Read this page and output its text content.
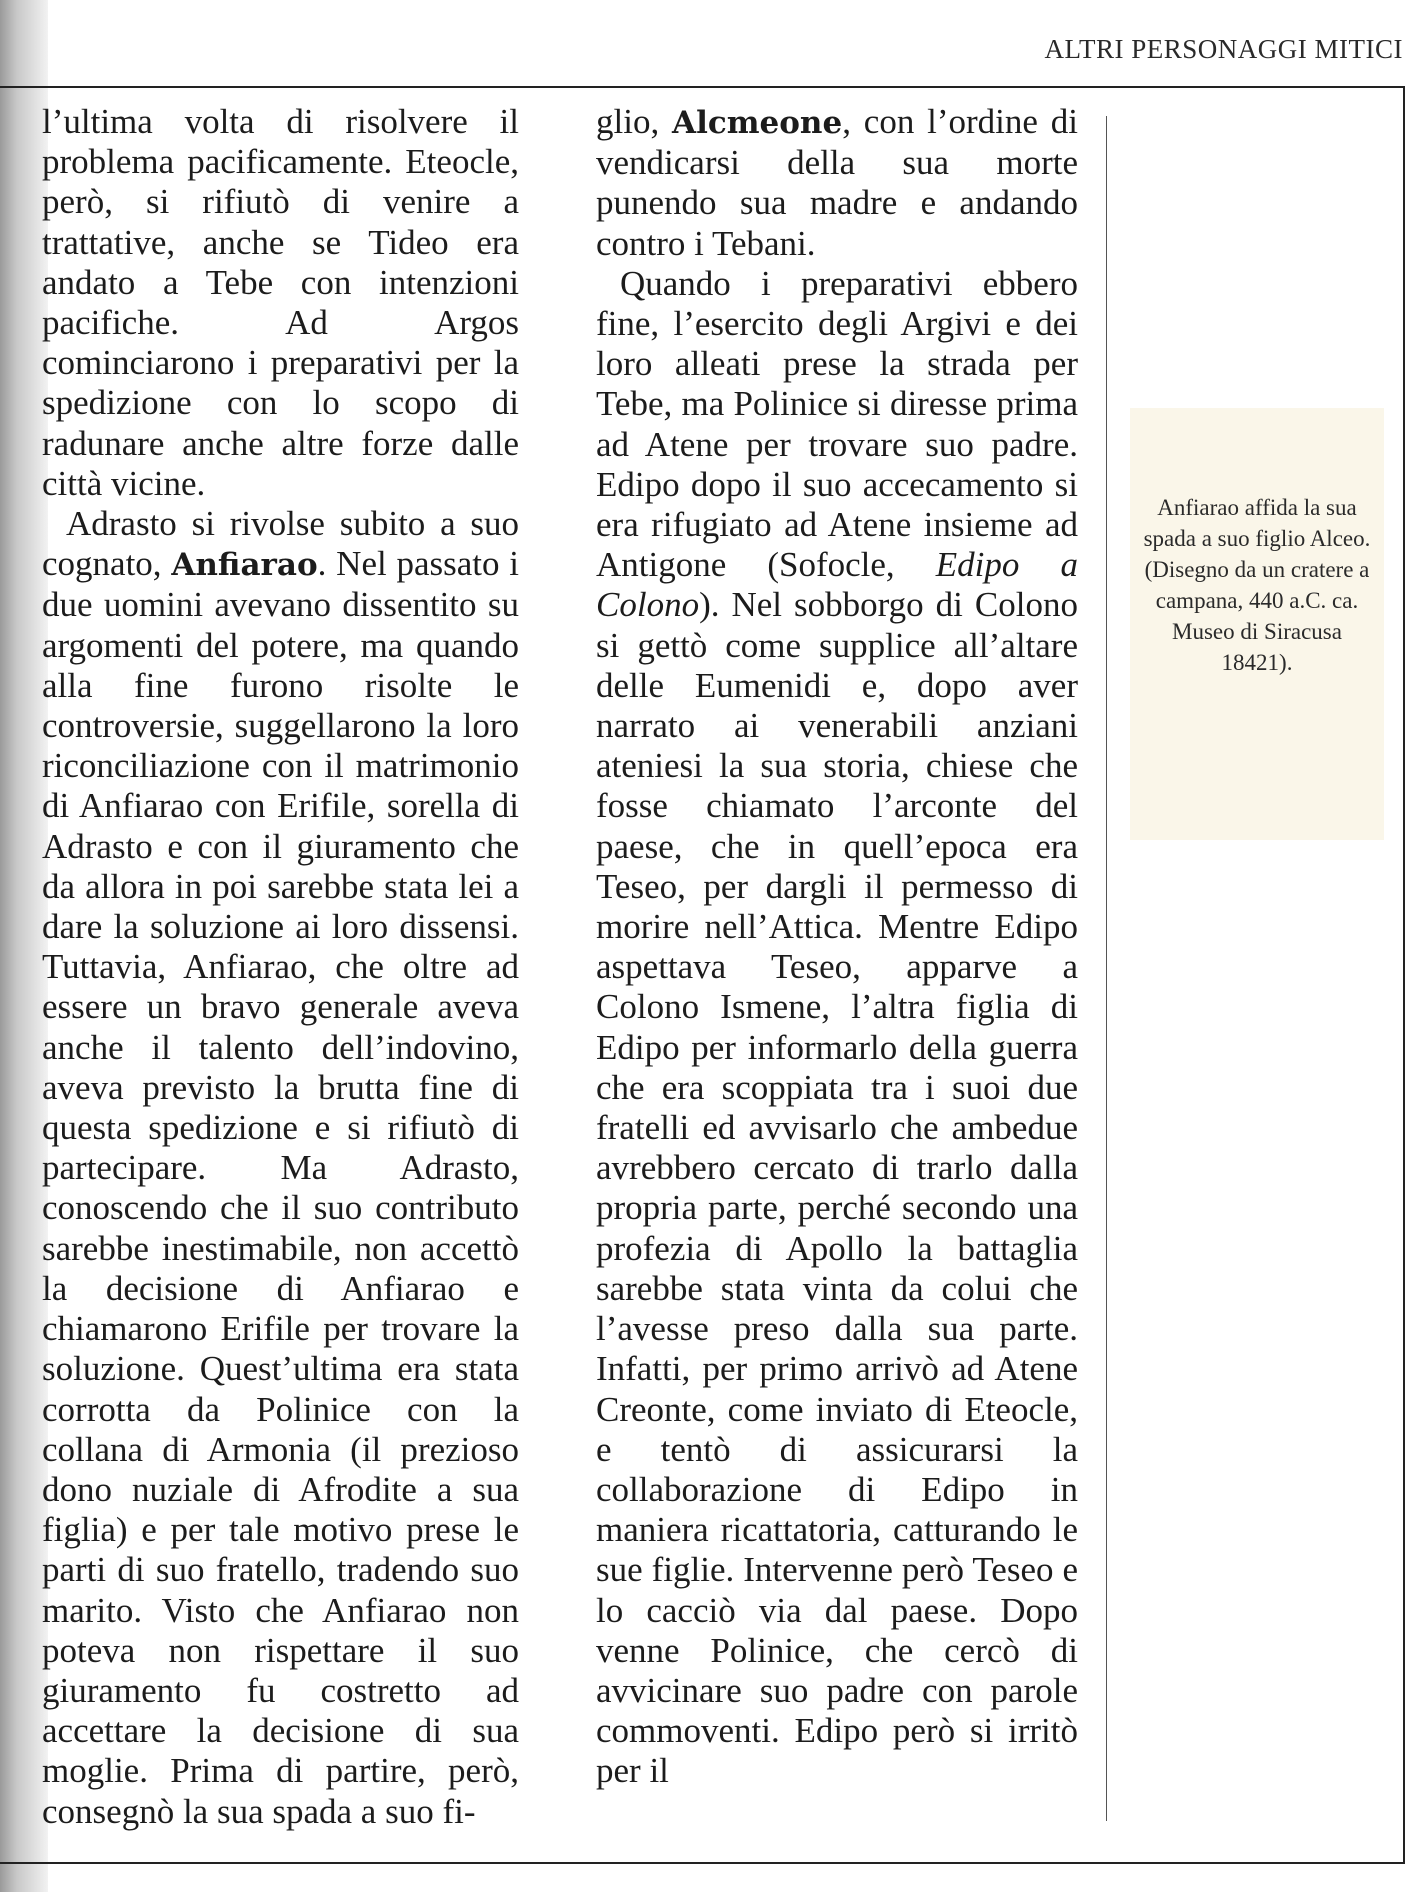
ALTRI PERSONAGGI MITICI

l’ultima volta di risolvere il problema pacificamente. Eteocle, però, si rifiutò di venire a trattative, anche se Tideo era andato a Tebe con intenzioni pacifiche. Ad Argos cominciarono i preparativi per la spedizione con lo scopo di radunare anche altre forze dalle città vicine.

Adrasto si rivolse subito a suo cognato, Anfiarao. Nel passato i due uomini avevano dissentito su argomenti del potere, ma quando alla fine furono risolte le controversie, suggellarono la loro riconciliazione con il matrimonio di Anfiarao con Erifile, sorella di Adrasto e con il giuramento che da allora in poi sarebbe stata lei a dare la soluzione ai loro dissensi. Tuttavia, Anfiarao, che oltre ad essere un bravo generale aveva anche il talento dell’indovino, aveva previsto la brutta fine di questa spedizione e si rifiutò di partecipare. Ma Adrasto, conoscendo che il suo contributo sarebbe inestimabile, non accettò la decisione di Anfiarao e chiamarono Erifile per trovare la soluzione. Quest’ultima era stata corrotta da Polinice con la collana di Armonia (il prezioso dono nuziale di Afrodite a sua figlia) e per tale motivo prese le parti di suo fratello, tradendo suo marito. Visto che Anfiarao non poteva non rispettare il suo giuramento fu costretto ad accettare la decisione di sua moglie. Prima di partire, però, consegnò la sua spada a suo fi-

glio, Alcmeone, con l’ordine di vendicarsi della sua morte punendo sua madre e andando contro i Tebani.

Quando i preparativi ebbero fine, l’esercito degli Argivi e dei loro alleati prese la strada per Tebe, ma Polinice si diresse prima ad Atene per trovare suo padre. Edipo dopo il suo accecamento si era rifugiato ad Atene insieme ad Antigone (Sofocle, Edipo a Colono). Nel sobborgo di Colono si gettò come supplice all’altare delle Eumenidi e, dopo aver narrato ai venerabili anziani ateniesi la sua storia, chiese che fosse chiamato l’arconte del paese, che in quell’epoca era Teseo, per dargli il permesso di morire nell’Attica. Mentre Edipo aspettava Teseo, apparve a Colono Ismene, l’altra figlia di Edipo per informarlo della guerra che era scoppiata tra i suoi due fratelli ed avvisarlo che ambedue avrebbero cercato di trarlo dalla propria parte, perché secondo una profezia di Apollo la battaglia sarebbe stata vinta da colui che l’avesse preso dalla sua parte. Infatti, per primo arrivò ad Atene Creonte, come inviato di Eteocle, e tentò di assicurarsi la collaborazione di Edipo in maniera ricattatoria, catturando le sue figlie. Intervenne però Teseo e lo cacciò via dal paese. Dopo venne Polinice, che cercò di avvicinare suo padre con parole commoventi. Edipo però si irritò per il

Anfiarao affida la sua spada a suo figlio Alceo. (Disegno da un cratere a campana, 440 a.C. ca. Museo di Siracusa 18421).
